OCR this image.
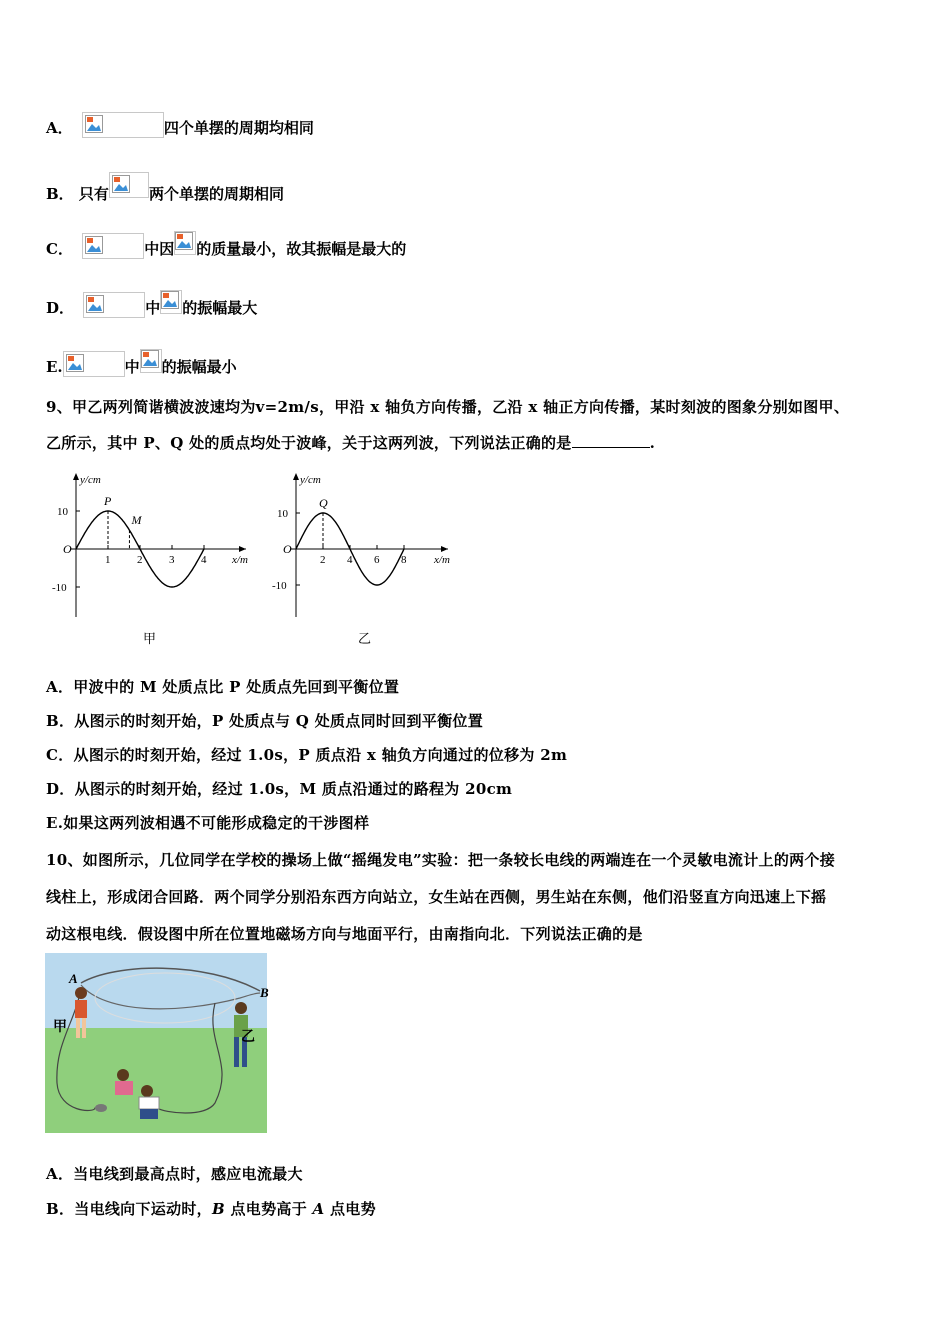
A．	四个单摆的周期均相同
B． 只有	两个单摆的周期相同
C．	中因 的质量最小，故其振幅是最大的
D．	中 的振幅最大
E.	中 的振幅最小
9、甲乙两列简谐横波波速均为v=2m/s，甲沿 x 轴负方向传播，乙沿 x 轴正方向传播，某时刻波的图象分别如图甲、
乙所示，其中 P、Q 处的质点均处于波峰，关于这两列波，下列说法正确的是	.
y/cm
x/m
O
10
-10
1 2 3 4
P
M
甲
y/cm
x/m
O
10
-10
2 4 6 8
Q
乙
A．甲波中的 M 处质点比 P 处质点先回到平衡位置
B．从图示的时刻开始，P 处质点与 Q 处质点同时回到平衡位置
C．从图示的时刻开始，经过 1.0s，P 质点沿 x 轴负方向通过的位移为 2m
D．从图示的时刻开始，经过 1.0s，M 质点沿通过的路程为 20cm
E.如果这两列波相遇不可能形成稳定的干涉图样
10、如图所示，几位同学在学校的操场上做“摇绳发电”实验：把一条较长电线的两端连在一个灵敏电流计上的两个接
线柱上，形成闭合回路．两个同学分别沿东西方向站立，女生站在西侧，男生站在东侧，他们沿竖直方向迅速上下摇
动这根电线．假设图中所在位置地磁场方向与地面平行，由南指向北．下列说法正确的是
A
B
甲
乙
A．当电线到最高点时，感应电流最大
B．当电线向下运动时，B 点电势高于 A 点电势
